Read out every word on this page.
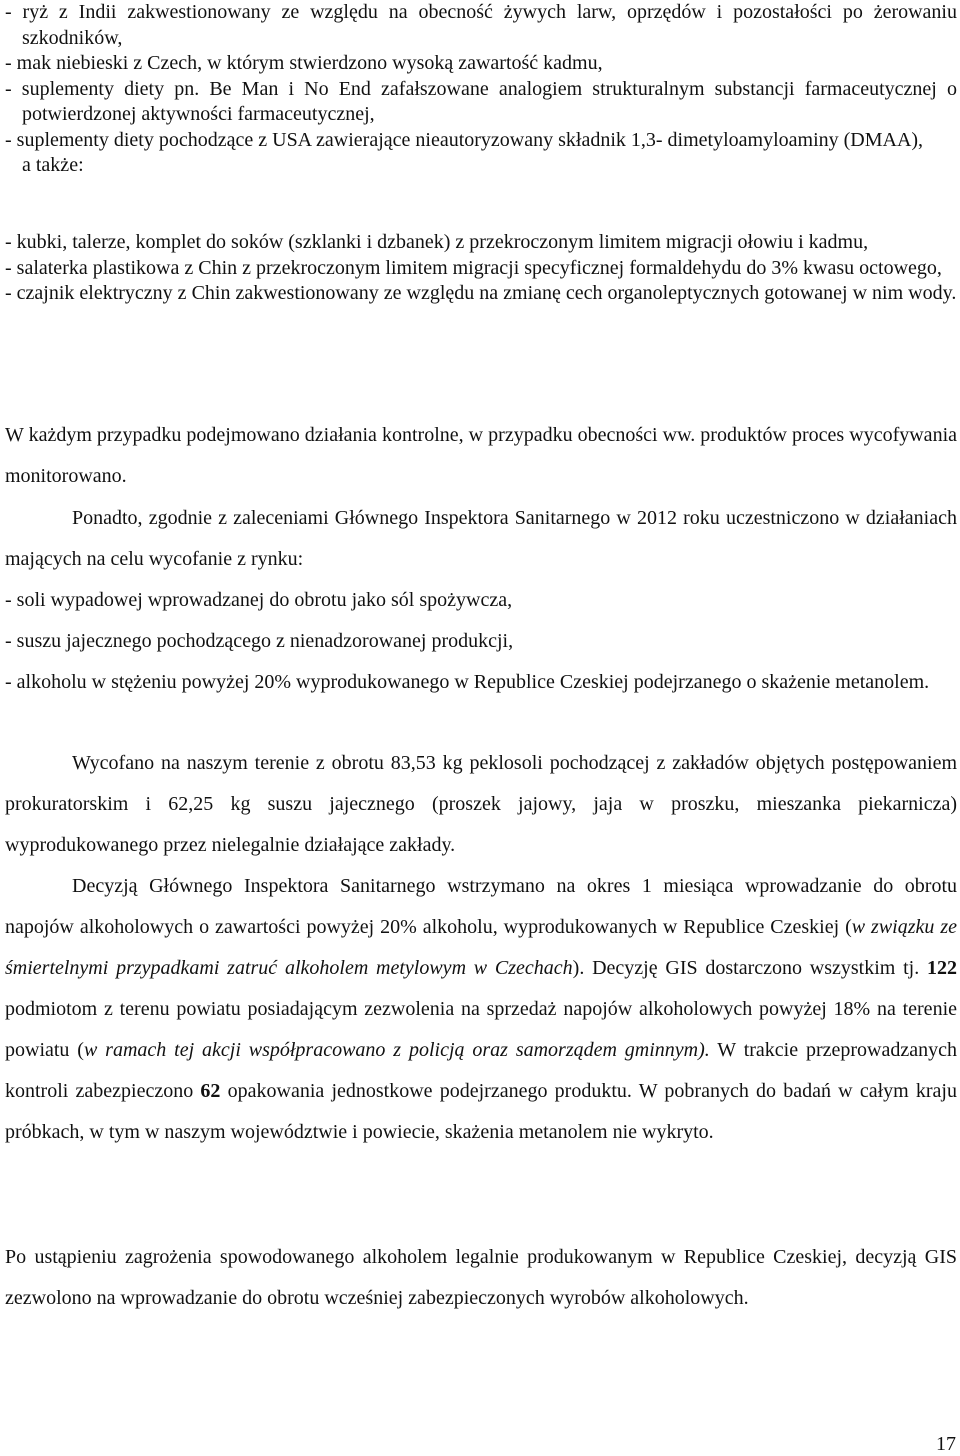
- ryż z Indii zakwestionowany ze względu na obecność żywych larw, oprzędów i pozostałości po żerowaniu szkodników,
- mak niebieski z Czech, w którym stwierdzono wysoką zawartość kadmu,
- suplementy diety pn. Be Man i No End zafałszowane analogiem strukturalnym substancji farmaceutycznej o potwierdzonej aktywności farmaceutycznej,
- suplementy diety pochodzące z USA zawierające nieautoryzowany składnik 1,3- dimetyloamyloaminy (DMAA),
a także:
- kubki, talerze, komplet do soków (szklanki i dzbanek) z przekroczonym limitem migracji ołowiu i kadmu,
- salaterka plastikowa z Chin z przekroczonym limitem migracji specyficznej formaldehydu do 3% kwasu octowego,
- czajnik elektryczny z Chin zakwestionowany ze względu na zmianę cech organoleptycznych gotowanej w nim wody.
W każdym przypadku podejmowano działania kontrolne, w przypadku obecności ww. produktów proces wycofywania monitorowano.
Ponadto, zgodnie z zaleceniami Głównego Inspektora Sanitarnego w 2012 roku uczestniczono w działaniach mających na celu wycofanie z rynku:
- soli wypadowej wprowadzanej do obrotu jako sól spożywcza,
- suszu jajecznego pochodzącego z nienadzorowanej produkcji,
- alkoholu w stężeniu powyżej 20% wyprodukowanego w Republice Czeskiej podejrzanego o skażenie metanolem.
Wycofano na naszym terenie z obrotu 83,53 kg peklosoli pochodzącej z zakładów objętych postępowaniem prokuratorskim i 62,25 kg suszu jajecznego (proszek jajowy, jaja w proszku, mieszanka piekarnicza) wyprodukowanego przez nielegalnie działające zakłady.
Decyzją Głównego Inspektora Sanitarnego wstrzymano na okres 1 miesiąca wprowadzanie do obrotu napojów alkoholowych o zawartości powyżej 20% alkoholu, wyprodukowanych w Republice Czeskiej (w związku ze śmiertelnymi przypadkami zatruć alkoholem metylowym w Czechach). Decyzję GIS dostarczono wszystkim tj. 122 podmiotom z terenu powiatu posiadającym zezwolenia na sprzedaż napojów alkoholowych powyżej 18% na terenie powiatu (w ramach tej akcji współpracowano z policją oraz samorządem gminnym). W trakcie przeprowadzanych kontroli zabezpieczono 62 opakowania jednostkowe podejrzanego produktu. W pobranych do badań w całym kraju próbkach, w tym w naszym województwie i powiecie, skażenia metanolem nie wykryto.
Po ustąpieniu zagrożenia spowodowanego alkoholem legalnie produkowanym w Republice Czeskiej, decyzją GIS zezwolono na wprowadzanie do obrotu wcześniej zabezpieczonych wyrobów alkoholowych.
17
